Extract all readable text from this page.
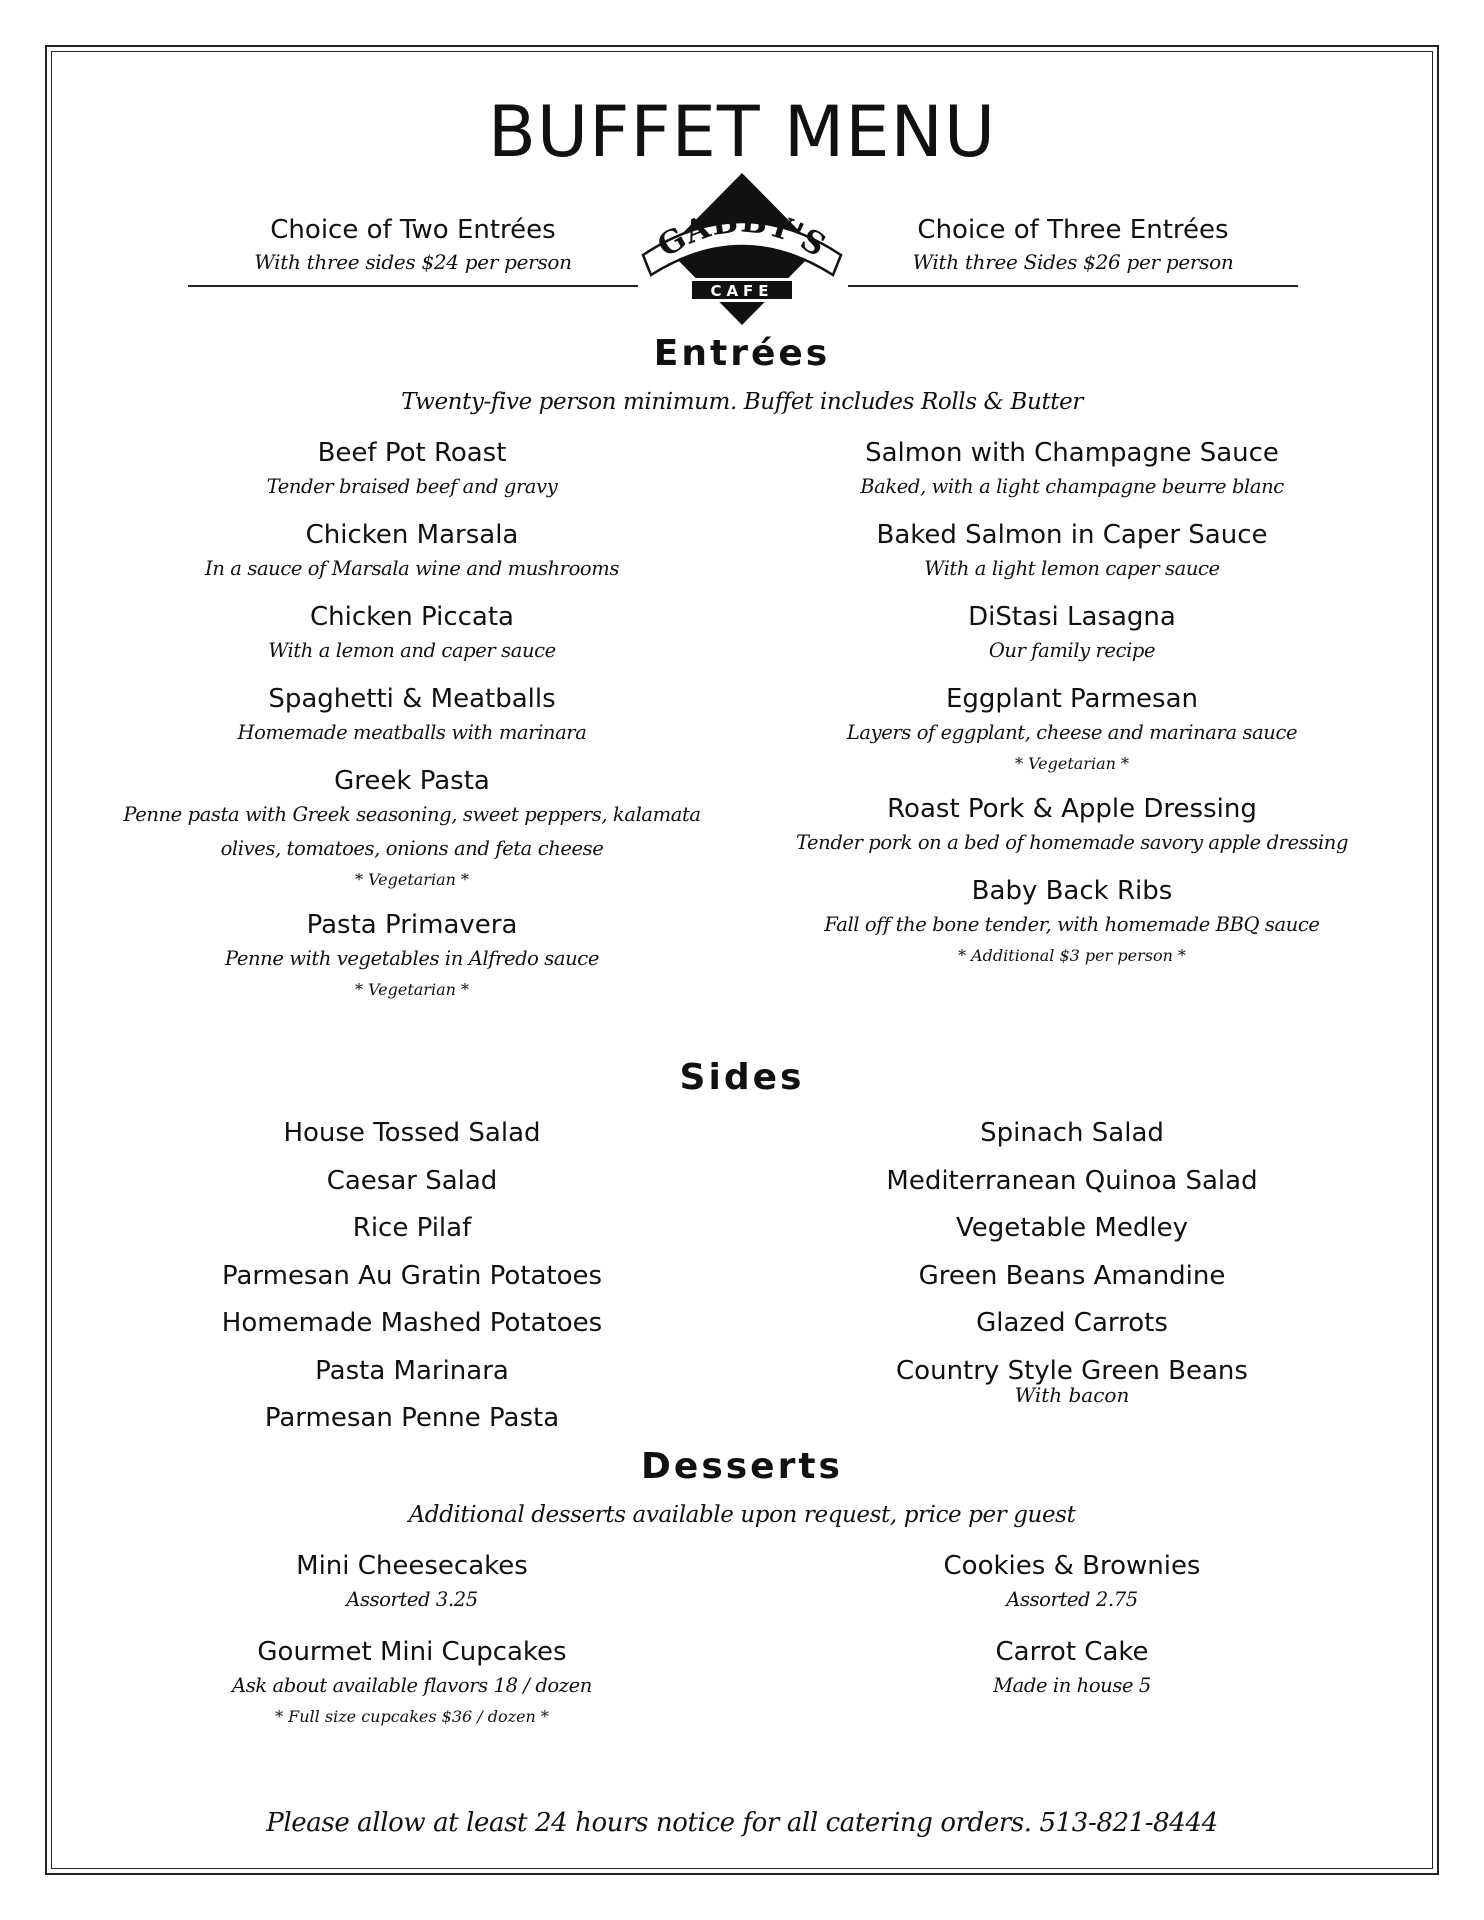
BUFFET MENU
Choice of Two Entrées
With three sides $24 per person
Choice of Three Entrées
With three Sides $26 per person
GABBY'S
CAFE
Entrées
Twenty-five person minimum. Buffet includes Rolls & Butter
Beef Pot Roast
Tender braised beef and gravy
Chicken Marsala
In a sauce of Marsala wine and mushrooms
Chicken Piccata
With a lemon and caper sauce
Spaghetti & Meatballs
Homemade meatballs with marinara
Greek Pasta
Penne pasta with Greek seasoning, sweet peppers, kalamata
olives, tomatoes, onions and feta cheese
* Vegetarian *
Pasta Primavera
Penne with vegetables in Alfredo sauce
* Vegetarian *
Salmon with Champagne Sauce
Baked, with a light champagne beurre blanc
Baked Salmon in Caper Sauce
With a light lemon caper sauce
DiStasi Lasagna
Our family recipe
Eggplant Parmesan
Layers of eggplant, cheese and marinara sauce
* Vegetarian *
Roast Pork & Apple Dressing
Tender pork on a bed of homemade savory apple dressing
Baby Back Ribs
Fall off the bone tender, with homemade BBQ sauce
* Additional $3 per person *
Sides
House Tossed Salad
Caesar Salad
Rice Pilaf
Parmesan Au Gratin Potatoes
Homemade Mashed Potatoes
Pasta Marinara
Parmesan Penne Pasta
Spinach Salad
Mediterranean Quinoa Salad
Vegetable Medley
Green Beans Amandine
Glazed Carrots
Country Style Green Beans
With bacon
Desserts
Additional desserts available upon request, price per guest
Mini Cheesecakes
Assorted 3.25
Gourmet Mini Cupcakes
Ask about available flavors 18 / dozen
* Full size cupcakes $36 / dozen *
Cookies & Brownies
Assorted 2.75
Carrot Cake
Made in house 5
Please allow at least 24 hours notice for all catering orders. 513-821-8444
